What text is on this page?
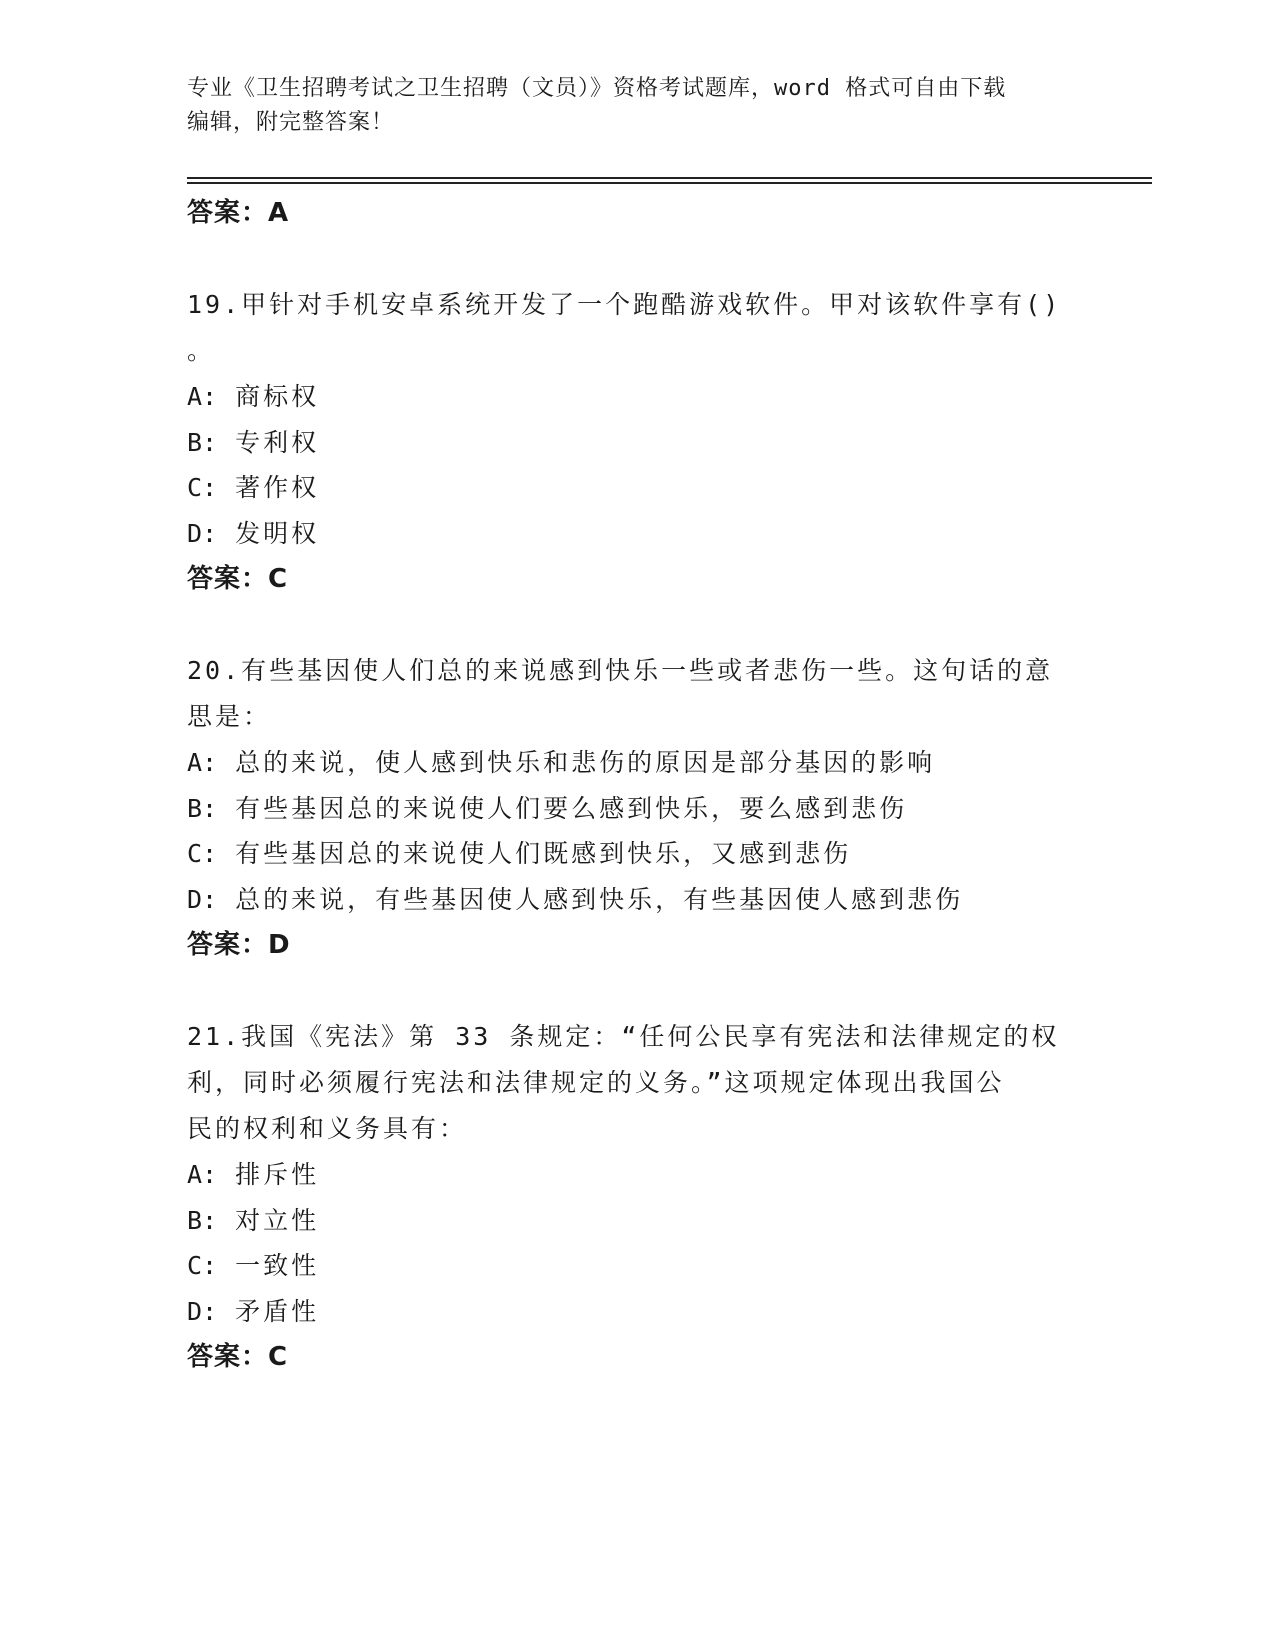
专业《卫生招聘考试之卫生招聘（文员）》资格考试题库，word 格式可自由下载
编辑，附完整答案！
答案：A
19.甲针对手机安卓系统开发了一个跑酷游戏软件。甲对该软件享有()
。
A: 商标权
B: 专利权
C: 著作权
D: 发明权
答案：C
20.有些基因使人们总的来说感到快乐一些或者悲伤一些。这句话的意
思是：
A: 总的来说，使人感到快乐和悲伤的原因是部分基因的影响
B: 有些基因总的来说使人们要么感到快乐，要么感到悲伤
C: 有些基因总的来说使人们既感到快乐，又感到悲伤
D: 总的来说，有些基因使人感到快乐，有些基因使人感到悲伤
答案：D
21.我国《宪法》第 33 条规定：“任何公民享有宪法和法律规定的权
利，同时必须履行宪法和法律规定的义务。”这项规定体现出我国公
民的权利和义务具有：
A: 排斥性
B: 对立性
C: 一致性
D: 矛盾性
答案：C
